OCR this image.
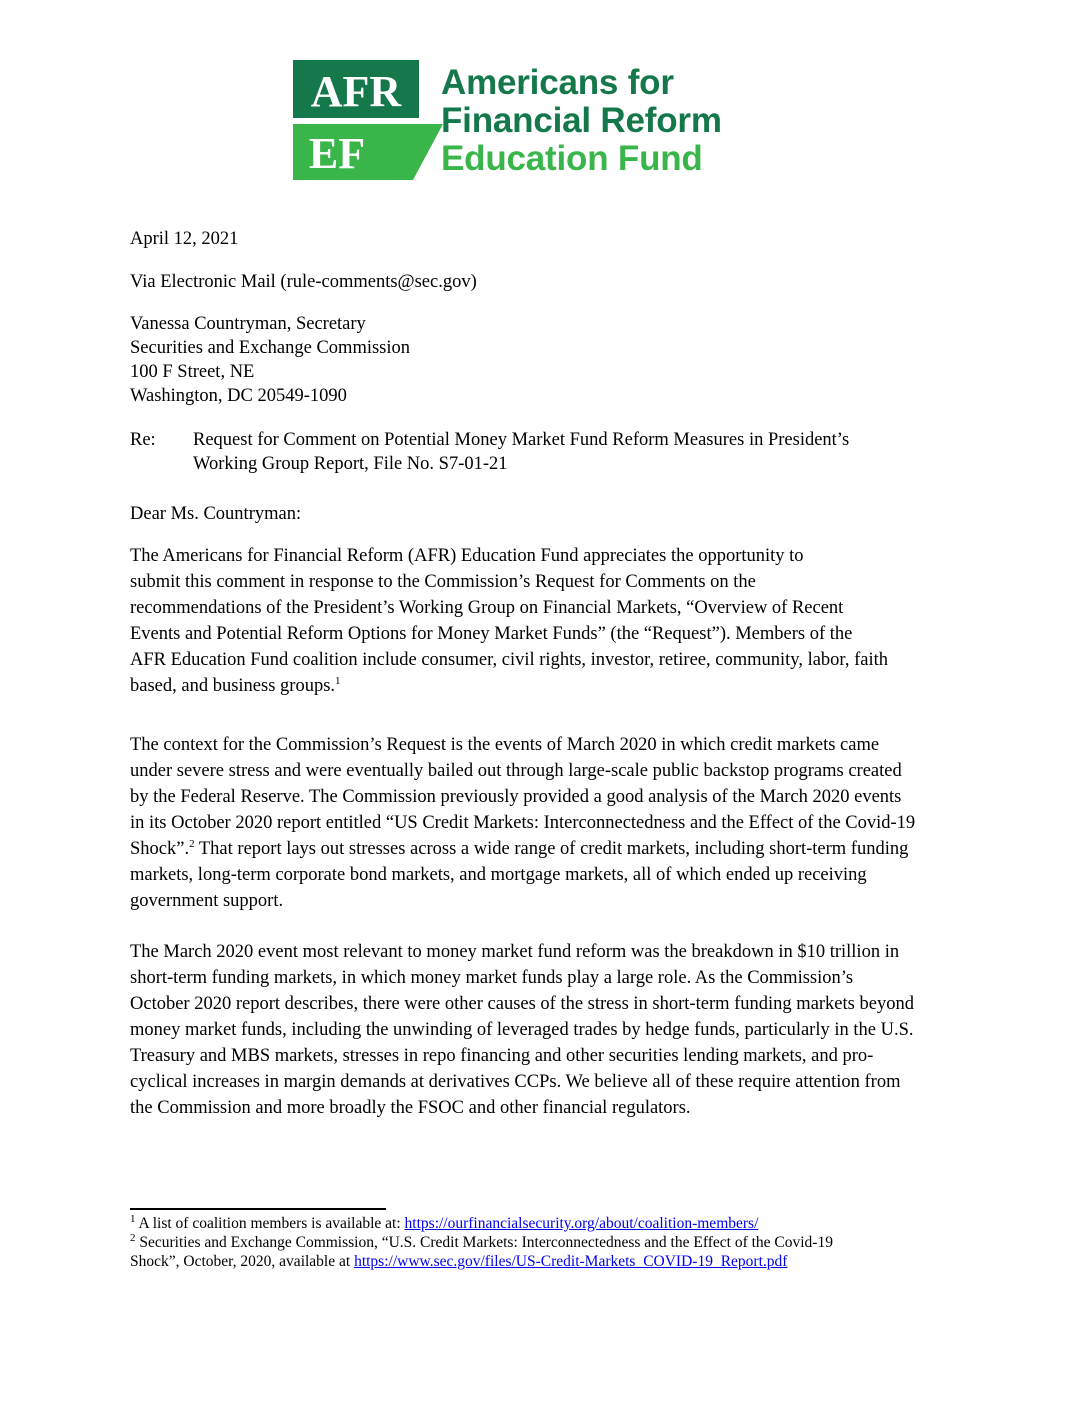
AFR
EF
Americans for
Financial Reform
Education Fund
April 12, 2021
Via Electronic Mail (rule-comments@sec.gov)
Vanessa Countryman, Secretary
Securities and Exchange Commission
100 F Street, NE
Washington, DC 20549-1090
Re: Request for Comment on Potential Money Market Fund Reform Measures in President’s
Working Group Report, File No. S7-01-21
Dear Ms. Countryman:
The Americans for Financial Reform (AFR) Education Fund appreciates the opportunity to
submit this comment in response to the Commission’s Request for Comments on the
recommendations of the President’s Working Group on Financial Markets, “Overview of Recent
Events and Potential Reform Options for Money Market Funds” (the “Request”). Members of the
AFR Education Fund coalition include consumer, civil rights, investor, retiree, community, labor, faith
based, and business groups.$^1$
The context for the Commission’s Request is the events of March 2020 in which credit markets came
under severe stress and were eventually bailed out through large-scale public backstop programs created
by the Federal Reserve. The Commission previously provided a good analysis of the March 2020 events
in its October 2020 report entitled “US Credit Markets: Interconnectedness and the Effect of the Covid-19
Shock”.$^2$ That report lays out stresses across a wide range of credit markets, including short-term funding
markets, long-term corporate bond markets, and mortgage markets, all of which ended up receiving
government support.
The March 2020 event most relevant to money market fund reform was the breakdown in $10 trillion in
short-term funding markets, in which money market funds play a large role. As the Commission’s
October 2020 report describes, there were other causes of the stress in short-term funding markets beyond
money market funds, including the unwinding of leveraged trades by hedge funds, particularly in the U.S.
Treasury and MBS markets, stresses in repo financing and other securities lending markets, and pro-
cyclical increases in margin demands at derivatives CCPs. We believe all of these require attention from
the Commission and more broadly the FSOC and other financial regulators.
$^1$ A list of coalition members is available at: https://ourfinancialsecurity.org/about/coalition-members/
$^2$ Securities and Exchange Commission, “U.S. Credit Markets: Interconnectedness and the Effect of the Covid-19
Shock”, October, 2020, available at https://www.sec.gov/files/US-Credit-Markets_COVID-19_Report.pdf
